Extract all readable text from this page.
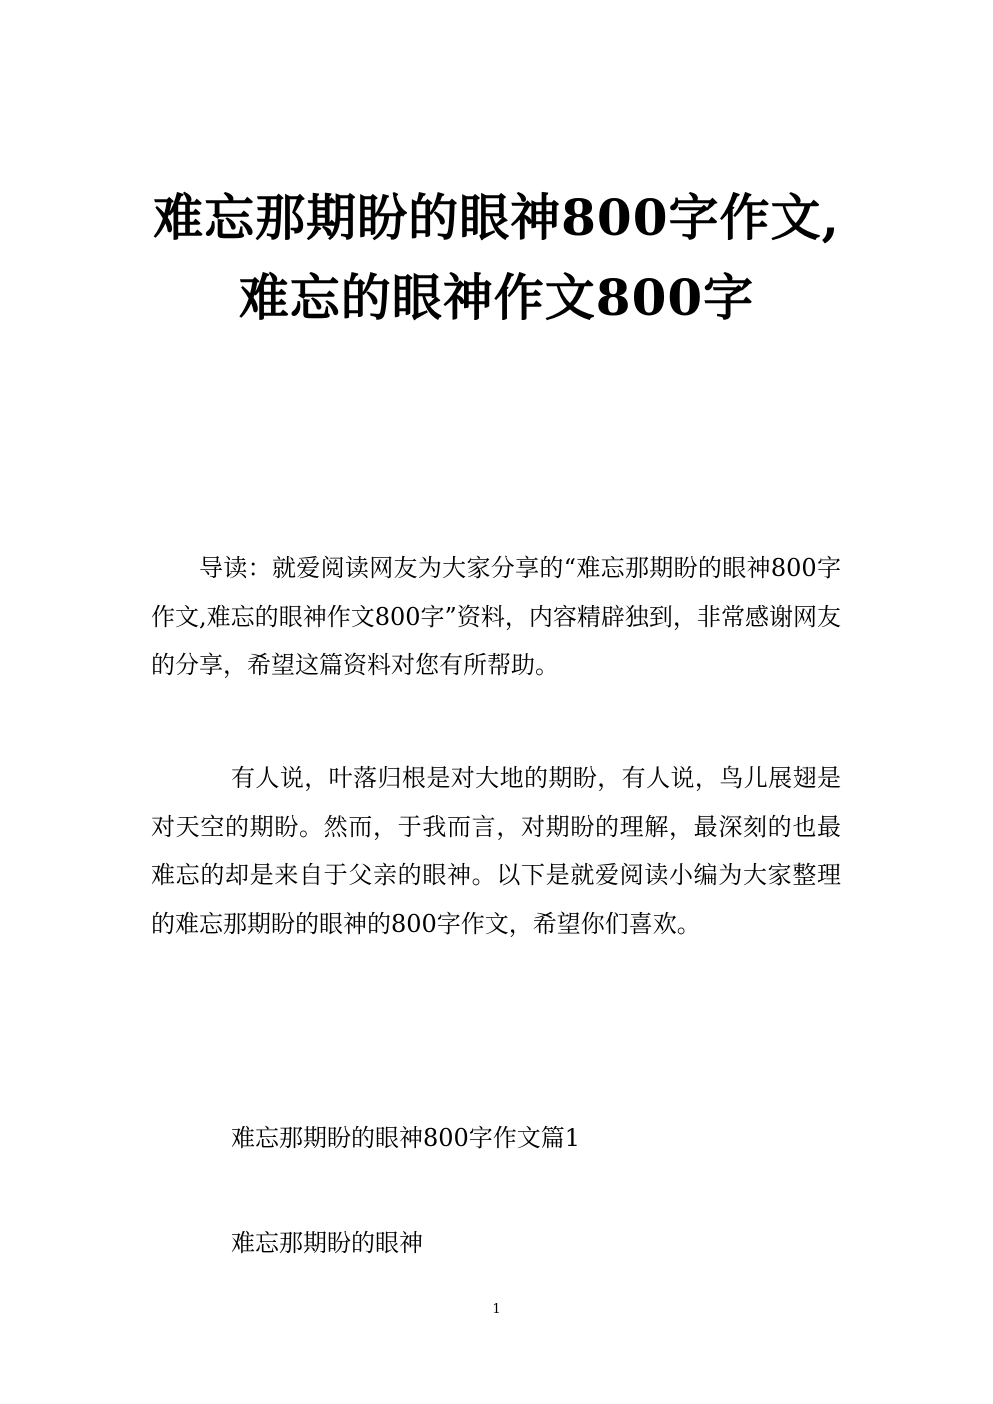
难忘那期盼的眼神800字作文,难忘的眼神作文800字

导读：就爱阅读网友为大家分享的“难忘那期盼的眼神800字作文,难忘的眼神作文800字”资料，内容精辟独到，非常感谢网友的分享，希望这篇资料对您有所帮助。

有人说，叶落归根是对大地的期盼，有人说，鸟儿展翅是对天空的期盼。然而，于我而言，对期盼的理解，最深刻的也最难忘的却是来自于父亲的眼神。以下是就爱阅读小编为大家整理的难忘那期盼的眼神的800字作文，希望你们喜欢。

难忘那期盼的眼神800字作文篇1
难忘那期盼的眼神
1
